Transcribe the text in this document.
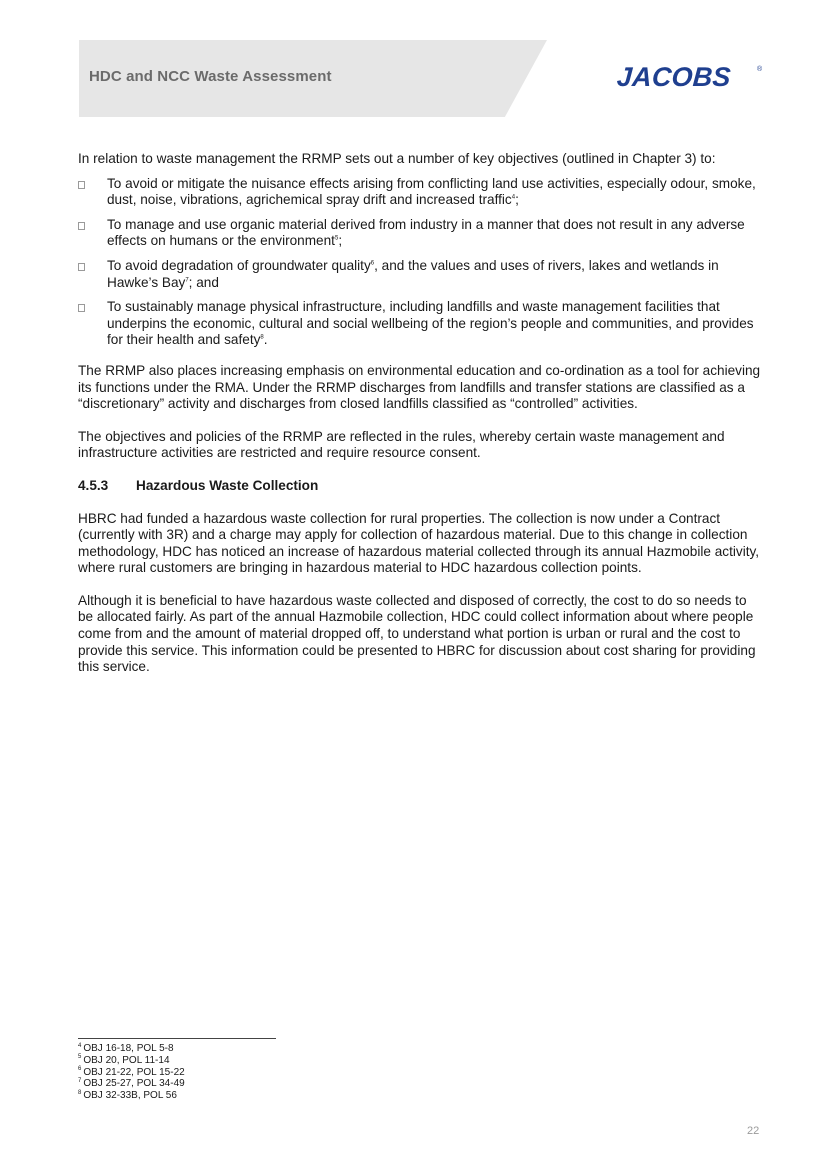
HDC and NCC Waste Assessment	JACOBS	®

In relation to waste management the RRMP sets out a number of key objectives (outlined in Chapter 3) to:

To avoid or mitigate the nuisance effects arising from conflicting land use activities, especially odour, smoke, dust, noise, vibrations, agrichemical spray drift and increased traffic$^4$;
To manage and use organic material derived from industry in a manner that does not result in any adverse effects on humans or the environment$^5$;
To avoid degradation of groundwater quality$^6$, and the values and uses of rivers, lakes and wetlands in Hawke’s Bay$^7$; and
To sustainably manage physical infrastructure, including landfills and waste management facilities that underpins the economic, cultural and social wellbeing of the region’s people and communities, and provides for their health and safety$^8$.

The RRMP also places increasing emphasis on environmental education and co-ordination as a tool for achieving its functions under the RMA. Under the RRMP discharges from landfills and transfer stations are classified as a “discretionary” activity and discharges from closed landfills classified as “controlled” activities.

The objectives and policies of the RRMP are reflected in the rules, whereby certain waste management and infrastructure activities are restricted and require resource consent.

4.5.3 Hazardous Waste Collection

HBRC had funded a hazardous waste collection for rural properties. The collection is now under a Contract (currently with 3R) and a charge may apply for collection of hazardous material. Due to this change in collection methodology, HDC has noticed an increase of hazardous material collected through its annual Hazmobile activity, where rural customers are bringing in hazardous material to HDC hazardous collection points.

Although it is beneficial to have hazardous waste collected and disposed of correctly, the cost to do so needs to be allocated fairly. As part of the annual Hazmobile collection, HDC could collect information about where people come from and the amount of material dropped off, to understand what portion is urban or rural and the cost to provide this service. This information could be presented to HBRC for discussion about cost sharing for providing this service.

$^4$ OBJ 16-18, POL 5-8
$^5$ OBJ 20, POL 11-14
$^6$ OBJ 21-22, POL 15-22
$^7$ OBJ 25-27, POL 34-49
$^8$ OBJ 32-33B, POL 56
22
